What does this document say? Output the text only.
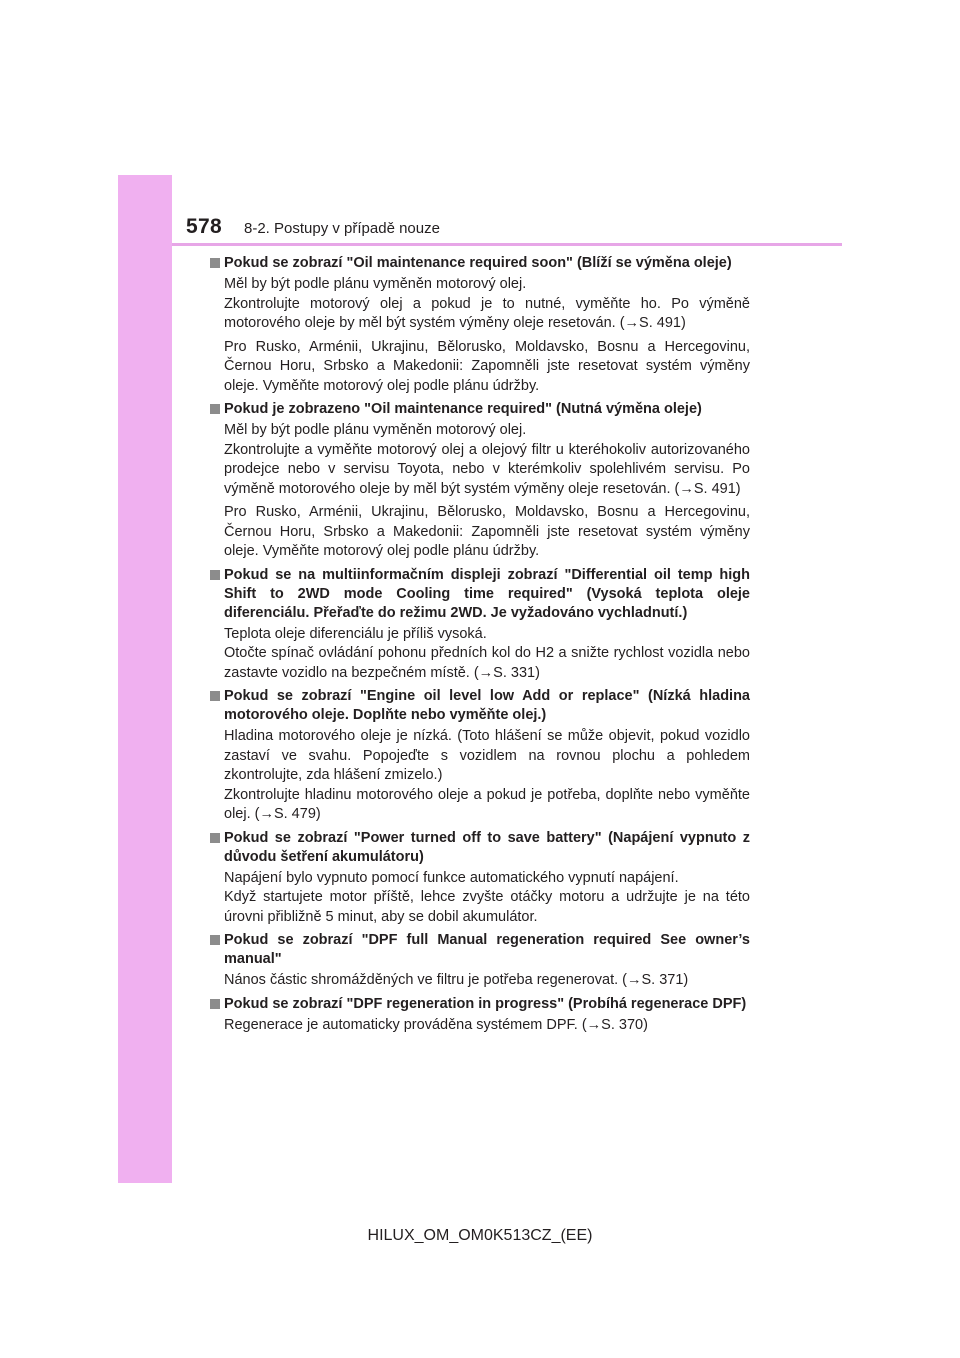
578 8-2. Postupy v případě nouze
Pokud se zobrazí "Oil maintenance required soon" (Blíží se výměna oleje)
Měl by být podle plánu vyměněn motorový olej.
Zkontrolujte motorový olej a pokud je to nutné, vyměňte ho. Po výměně motorového oleje by měl být systém výměny oleje resetován. (→S. 491)
Pro Rusko, Arménii, Ukrajinu, Bělorusko, Moldavsko, Bosnu a Hercegovinu, Černou Horu, Srbsko a Makedonii: Zapomněli jste resetovat systém výměny oleje. Vyměňte motorový olej podle plánu údržby.
Pokud je zobrazeno "Oil maintenance required" (Nutná výměna oleje)
Měl by být podle plánu vyměněn motorový olej.
Zkontrolujte a vyměňte motorový olej a olejový filtr u kteréhokoliv autorizovaného prodejce nebo v servisu Toyota, nebo v kterémkoliv spolehlivém servisu. Po výměně motorového oleje by měl být systém výměny oleje resetován. (→S. 491)
Pro Rusko, Arménii, Ukrajinu, Bělorusko, Moldavsko, Bosnu a Hercegovinu, Černou Horu, Srbsko a Makedonii: Zapomněli jste resetovat systém výměny oleje. Vyměňte motorový olej podle plánu údržby.
Pokud se na multiinformačním displeji zobrazí "Differential oil temp high Shift to 2WD mode Cooling time required" (Vysoká teplota oleje diferenciálu. Přeřaďte do režimu 2WD. Je vyžadováno vychladnutí.)
Teplota oleje diferenciálu je příliš vysoká.
Otočte spínač ovládání pohonu předních kol do H2 a snižte rychlost vozidla nebo zastavte vozidlo na bezpečném místě. (→S. 331)
Pokud se zobrazí "Engine oil level low Add or replace" (Nízká hladina motorového oleje. Doplňte nebo vyměňte olej.)
Hladina motorového oleje je nízká. (Toto hlášení se může objevit, pokud vozidlo zastaví ve svahu. Popojeďte s vozidlem na rovnou plochu a pohledem zkontrolujte, zda hlášení zmizelo.)
Zkontrolujte hladinu motorového oleje a pokud je potřeba, doplňte nebo vyměňte olej. (→S. 479)
Pokud se zobrazí "Power turned off to save battery" (Napájení vypnuto z důvodu šetření akumulátoru)
Napájení bylo vypnuto pomocí funkce automatického vypnutí napájení.
Když startujete motor příště, lehce zvyšte otáčky motoru a udržujte je na této úrovni přibližně 5 minut, aby se dobil akumulátor.
Pokud se zobrazí "DPF full Manual regeneration required See owner’s manual"
Nános částic shromážděných ve filtru je potřeba regenerovat. (→S. 371)
Pokud se zobrazí "DPF regeneration in progress" (Probíhá regenerace DPF)
Regenerace je automaticky prováděna systémem DPF. (→S. 370)
HILUX_OM_OM0K513CZ_(EE)
